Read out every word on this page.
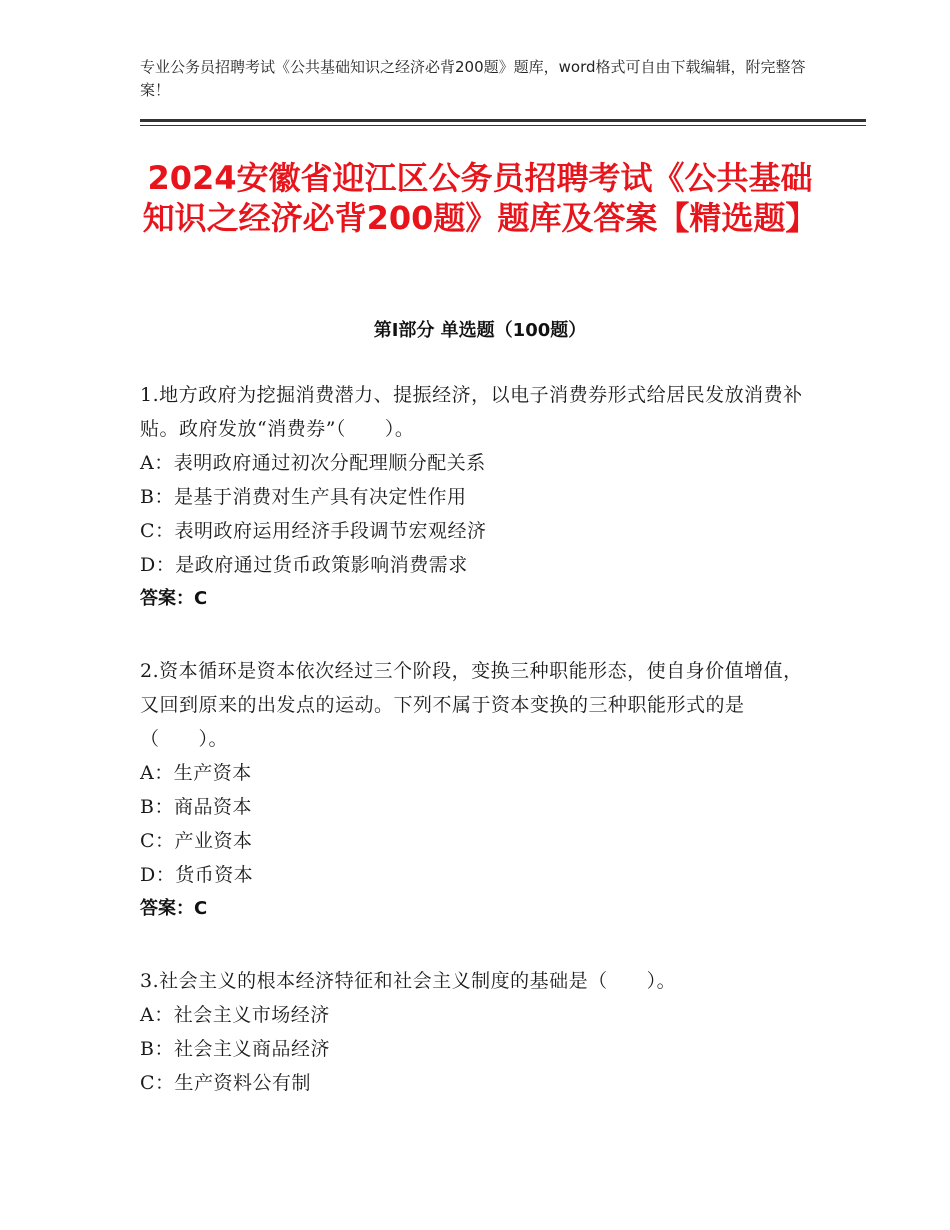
专业公务员招聘考试《公共基础知识之经济必背200题》题库，word格式可自由下载编辑，附完整答案！
2024安徽省迎江区公务员招聘考试《公共基础知识之经济必背200题》题库及答案【精选题】
第I部分 单选题（100题）
1.地方政府为挖掘消费潜力、提振经济，以电子消费券形式给居民发放消费补贴。政府发放“消费券”（　　）。
A：表明政府通过初次分配理顺分配关系
B：是基于消费对生产具有决定性作用
C：表明政府运用经济手段调节宏观经济
D：是政府通过货币政策影响消费需求
答案：C
2.资本循环是资本依次经过三个阶段，变换三种职能形态，使自身价值增值，又回到原来的出发点的运动。下列不属于资本变换的三种职能形式的是（　　）。
A：生产资本
B：商品资本
C：产业资本
D：货币资本
答案：C
3.社会主义的根本经济特征和社会主义制度的基础是（　　）。
A：社会主义市场经济
B：社会主义商品经济
C：生产资料公有制
